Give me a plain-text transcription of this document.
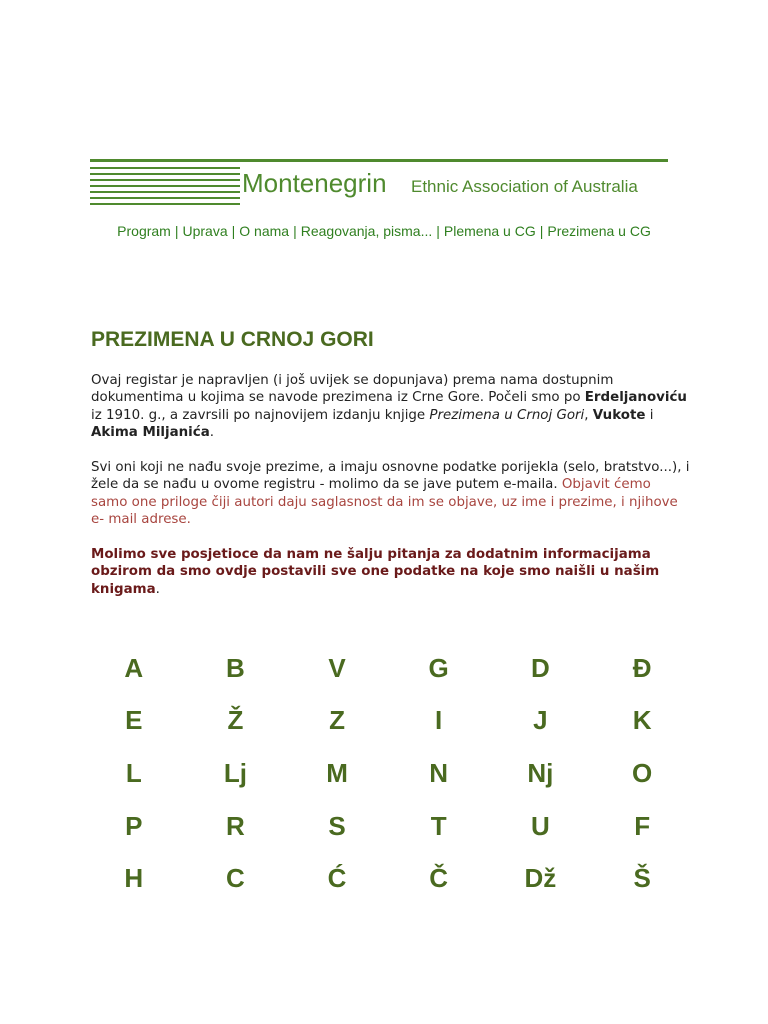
Montenegrin Ethnic Association of Australia
Program | Uprava | O nama | Reagovanja, pisma... | Plemena u CG | Prezimena u CG
PREZIMENA U CRNOJ GORI

Ovaj registar je napravljen (i još uvijek se dopunjava) prema nama dostupnim dokumentima u kojima se navode prezimena iz Crne Gore. Počeli smo po Erdeljanoviću iz 1910. g., a zavrsili po najnovijem izdanju knjige Prezimena u Crnoj Gori, Vukote i Akima Miljanića.

Svi oni koji ne nađu svoje prezime, a imaju osnovne podatke porijekla (selo, bratstvo...), i žele da se nađu u ovome registru - molimo da se jave putem e-maila. Objavit ćemo samo one priloge čiji autori daju saglasnost da im se objave, uz ime i prezime, i njihove e- mail adrese.

Molimo sve posjetioce da nam ne šalju pitanja za dodatnim informacijama obzirom da smo ovdje postavili sve one podatke na koje smo naišli u našim knigama.

A	B	V	G	D	Đ
E	Ž	Z	I	J	K
L	Lj	M	N	Nj	O
P	R	S	T	U	F
H	C	Ć	Č	Dž	Š
